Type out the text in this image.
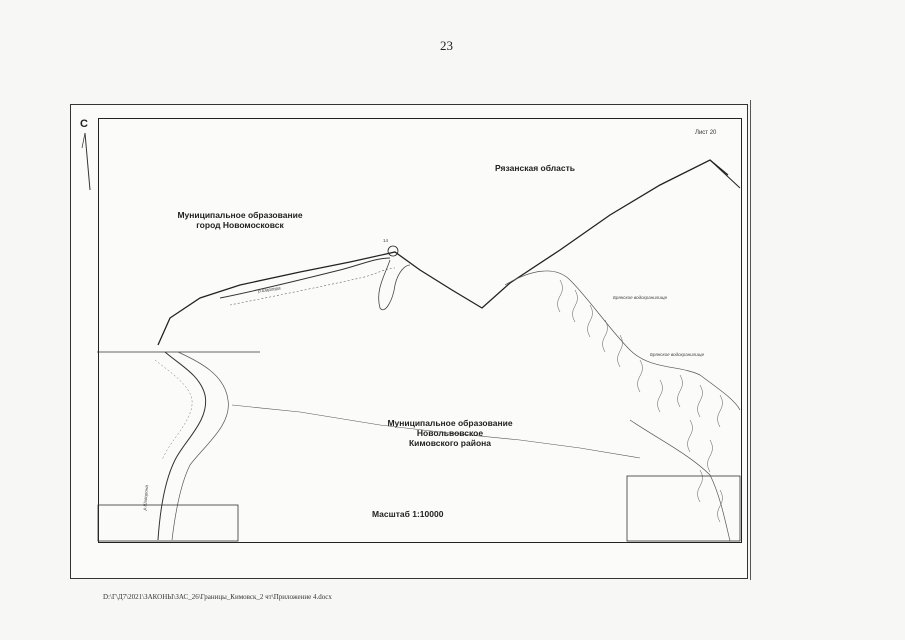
23
С
Лист 20
Рязанская область
Муниципальное образование
город Новомосковск
Муниципальное образование
Новольвовское
Кимовского района
р.Шаргора
Брянское водохранилище
Брянское водохранилище
14
р.Шиворона
Масштаб 1:10000
D:\Г\Д7\2021\ЗАКОНЫ\ЗАС_26\Границы_Кимовск_2 чт\Приложение 4.docx
